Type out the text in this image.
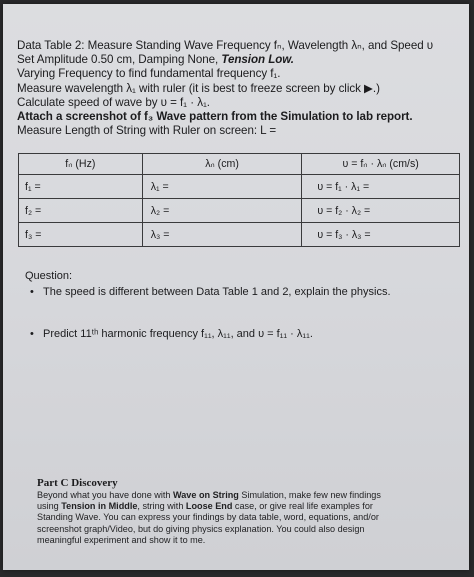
Data Table 2: Measure Standing Wave Frequency fₙ, Wavelength λₙ, and Speed υ
Set Amplitude 0.50 cm, Damping None, Tension Low.
Varying Frequency to find fundamental frequency f₁.
Measure wavelength λ₁ with ruler (it is best to freeze screen by click ▶.)
Calculate speed of wave by υ = f₁ · λ₁.
Attach a screenshot of f₃ Wave pattern from the Simulation to lab report.
Measure Length of String with Ruler on screen: L =
fₙ (Hz)	λₙ (cm)	υ = fₙ · λₙ (cm/s)
f₁ =	λ₁ =	υ = f₁ · λ₁ =
f₂ =	λ₂ =	υ = f₂ · λ₂ =
f₃ =	λ₃ =	υ = f₃ · λ₃ =
Question:
• The speed is different between Data Table 1 and 2, explain the physics.
• Predict 11ᵗʰ harmonic frequency f₁₁, λ₁₁, and υ = f₁₁ · λ₁₁.
Part C Discovery
Beyond what you have done with Wave on String Simulation, make few new findings
using Tension in Middle, string with Loose End case, or give real life examples for
Standing Wave. You can express your findings by data table, word, equations, and/or
screenshot graph/Video, but do giving physics explanation. You could also design
meaningful experiment and show it to me.
